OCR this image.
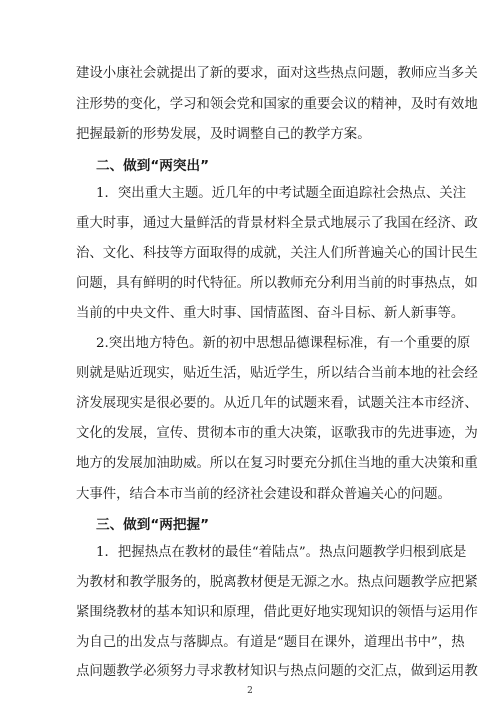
建设小康社会就提出了新的要求，面对这些热点问题，教师应当多关
注形势的变化，学习和领会党和国家的重要会议的精神，及时有效地
把握最新的形势发展，及时调整自己的教学方案。
二、做到“两突出”
1．突出重大主题。近几年的中考试题全面追踪社会热点、关注
重大时事，通过大量鲜活的背景材料全景式地展示了我国在经济、政
治、文化、科技等方面取得的成就，关注人们所普遍关心的国计民生
问题，具有鲜明的时代特征。所以教师充分利用当前的时事热点，如
当前的中央文件、重大时事、国情蓝图、奋斗目标、新人新事等。
2.突出地方特色。新的初中思想品德课程标准，有一个重要的原
则就是贴近现实，贴近生活，贴近学生，所以结合当前本地的社会经
济发展现实是很必要的。从近几年的试题来看，试题关注本市经济、
文化的发展，宣传、贯彻本市的重大决策，讴歌我市的先进事迹，为
地方的发展加油助威。所以在复习时要充分抓住当地的重大决策和重
大事件，结合本市当前的经济社会建设和群众普遍关心的问题。
三、做到“两把握”
1．把握热点在教材的最佳“着陆点”。热点问题教学归根到底是
为教材和教学服务的，脱离教材便是无源之水。热点问题教学应把紧
紧围绕教材的基本知识和原理，借此更好地实现知识的领悟与运用作
为自己的出发点与落脚点。有道是“题目在课外，道理出书中”，热
点问题教学必须努力寻求教材知识与热点问题的交汇点，做到运用教
2
